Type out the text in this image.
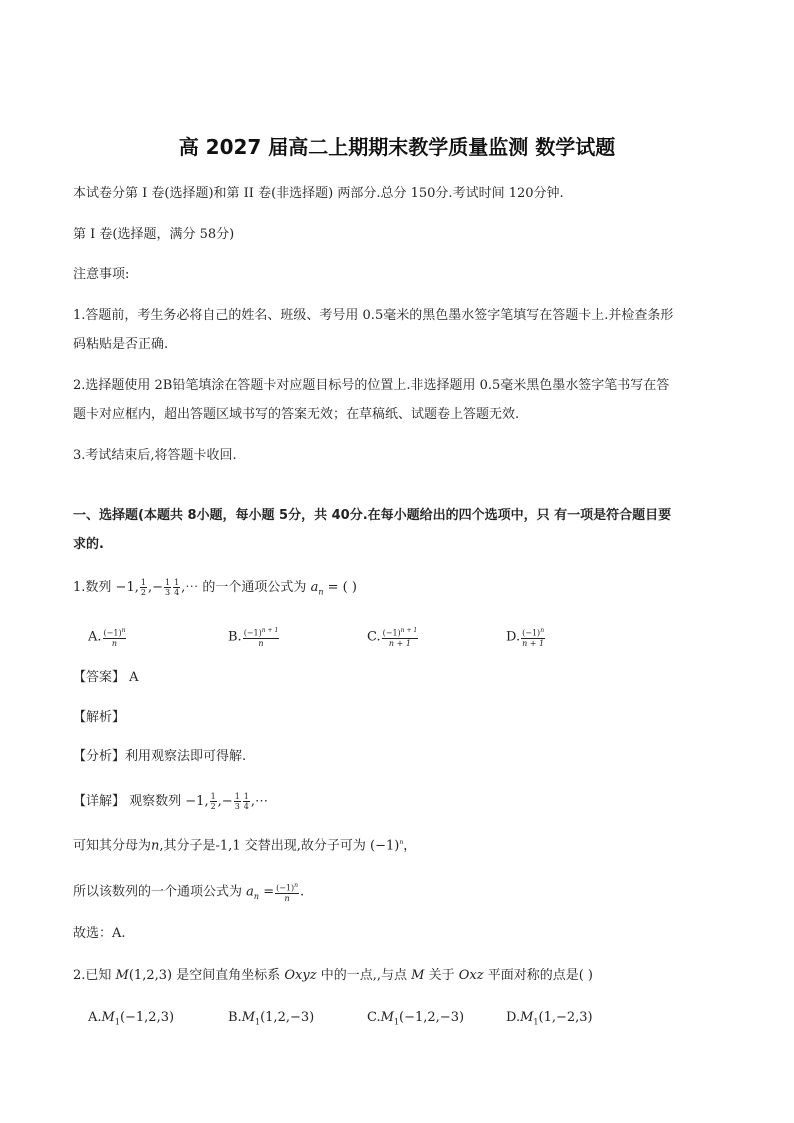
高 2027 届高二上期期末教学质量监测 数学试题
本试卷分第 I 卷(选择题)和第 II 卷(非选择题) 两部分.总分 150分.考试时间 120分钟.
第 I 卷(选择题，满分 58分)
注意事项:
1.答题前，考生务必将自己的姓名、班级、考号用 0.5毫米的黑色墨水签字笔填写在答题卡上.并检查条形
码粘贴是否正确.
2.选择题使用 2B铅笔填涂在答题卡对应题目标号的位置上.非选择题用 0.5毫米黑色墨水签字笔书写在答
题卡对应框内，超出答题区域书写的答案无效；在草稿纸、试题卷上答题无效.
3.考试结束后,将答题卡收回.
一、选择题(本题共 8小题，每小题 5分，共 40分.在每小题给出的四个选项中，只 有一项是符合题目要
求的.
1.数列 −1, $\frac{1}{2}$ ,− $\frac{1}{3} \frac{1}{4}$ ,⋯ 的一个通项公式为 $a_n$ = ( )
A. $\frac{(-1)^n}{n}$	B. $\frac{(-1)^{n + 1}}{n}$	C. $\frac{(-1)^{n + 1}}{n + 1}$	D. $\frac{(-1)^n}{n + 1}$
【答案】 A
【解析】
【分析】利用观察法即可得解.
【详解】 观察数列 −1, $\frac{1}{2}$ ,− $\frac{1}{3} \frac{1}{4}$ ,⋯
可知其分母为n,其分子是-1,1 交替出现,故分子可为 $(-1)^n$，
所以该数列的一个通项公式为 $a_n = \frac{(-1)^n}{n}$ .
故选：A.
2.已知 M(1,2,3) 是空间直角坐标系 Oxyz 中的一点,,与点 M 关于 Oxz 平面对称的点是( )
$A.M_1(-1,2,3)$	$B.M_1(1,2,-3)$	$C.M_1(-1,2,-3)$	$D.M_1(1,-2,3)$
